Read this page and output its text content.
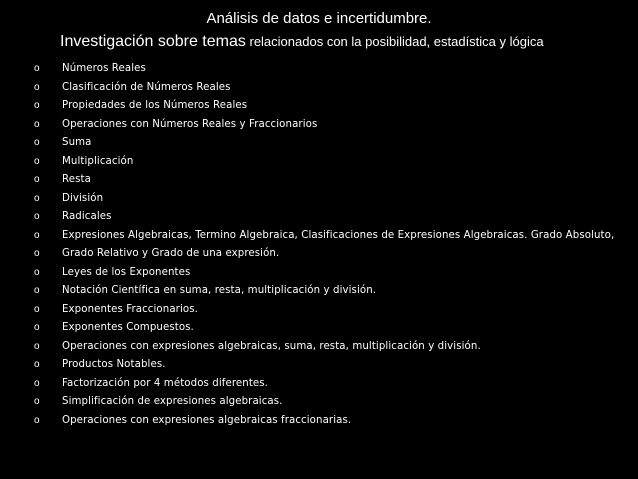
Análisis de datos e incertidumbre.
Investigación sobre temas relacionados con la posibilidad, estadística y lógica
o Números Reales
o Clasificación de Números Reales
o Propiedades de los Números Reales
o Operaciones con Números Reales y Fraccionarios
o Suma
o Multiplicación
o Resta
o División
o Radicales
o Expresiones Algebraicas, Termino Algebraica, Clasificaciones de Expresiones Algebraicas. Grado Absoluto,
o Grado Relativo y Grado de una expresión.
o Leyes de los Exponentes
o Notación Científica en suma, resta, multiplicación y división.
o Exponentes Fraccionarios.
o Exponentes Compuestos.
o Operaciones con expresiones algebraicas, suma, resta, multiplicación y división.
o Productos Notables.
o Factorización por 4 métodos diferentes.
o Simplificación de expresiones algebraicas.
o Operaciones con expresiones algebraicas fraccionarias.
